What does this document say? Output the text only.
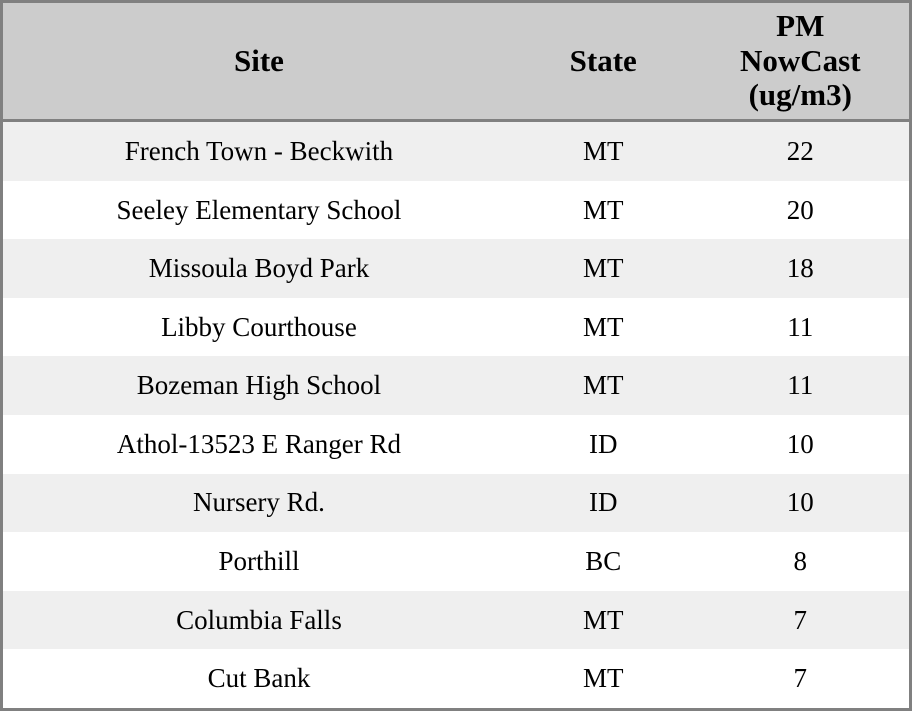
Site	State	PM
NowCast
(ug/m3)
French Town - Beckwith	MT	22
Seeley Elementary School	MT	20
Missoula Boyd Park	MT	18
Libby Courthouse	MT	11
Bozeman High School	MT	11
Athol-13523 E Ranger Rd	ID	10
Nursery Rd.	ID	10
Porthill	BC	8
Columbia Falls	MT	7
Cut Bank	MT	7
